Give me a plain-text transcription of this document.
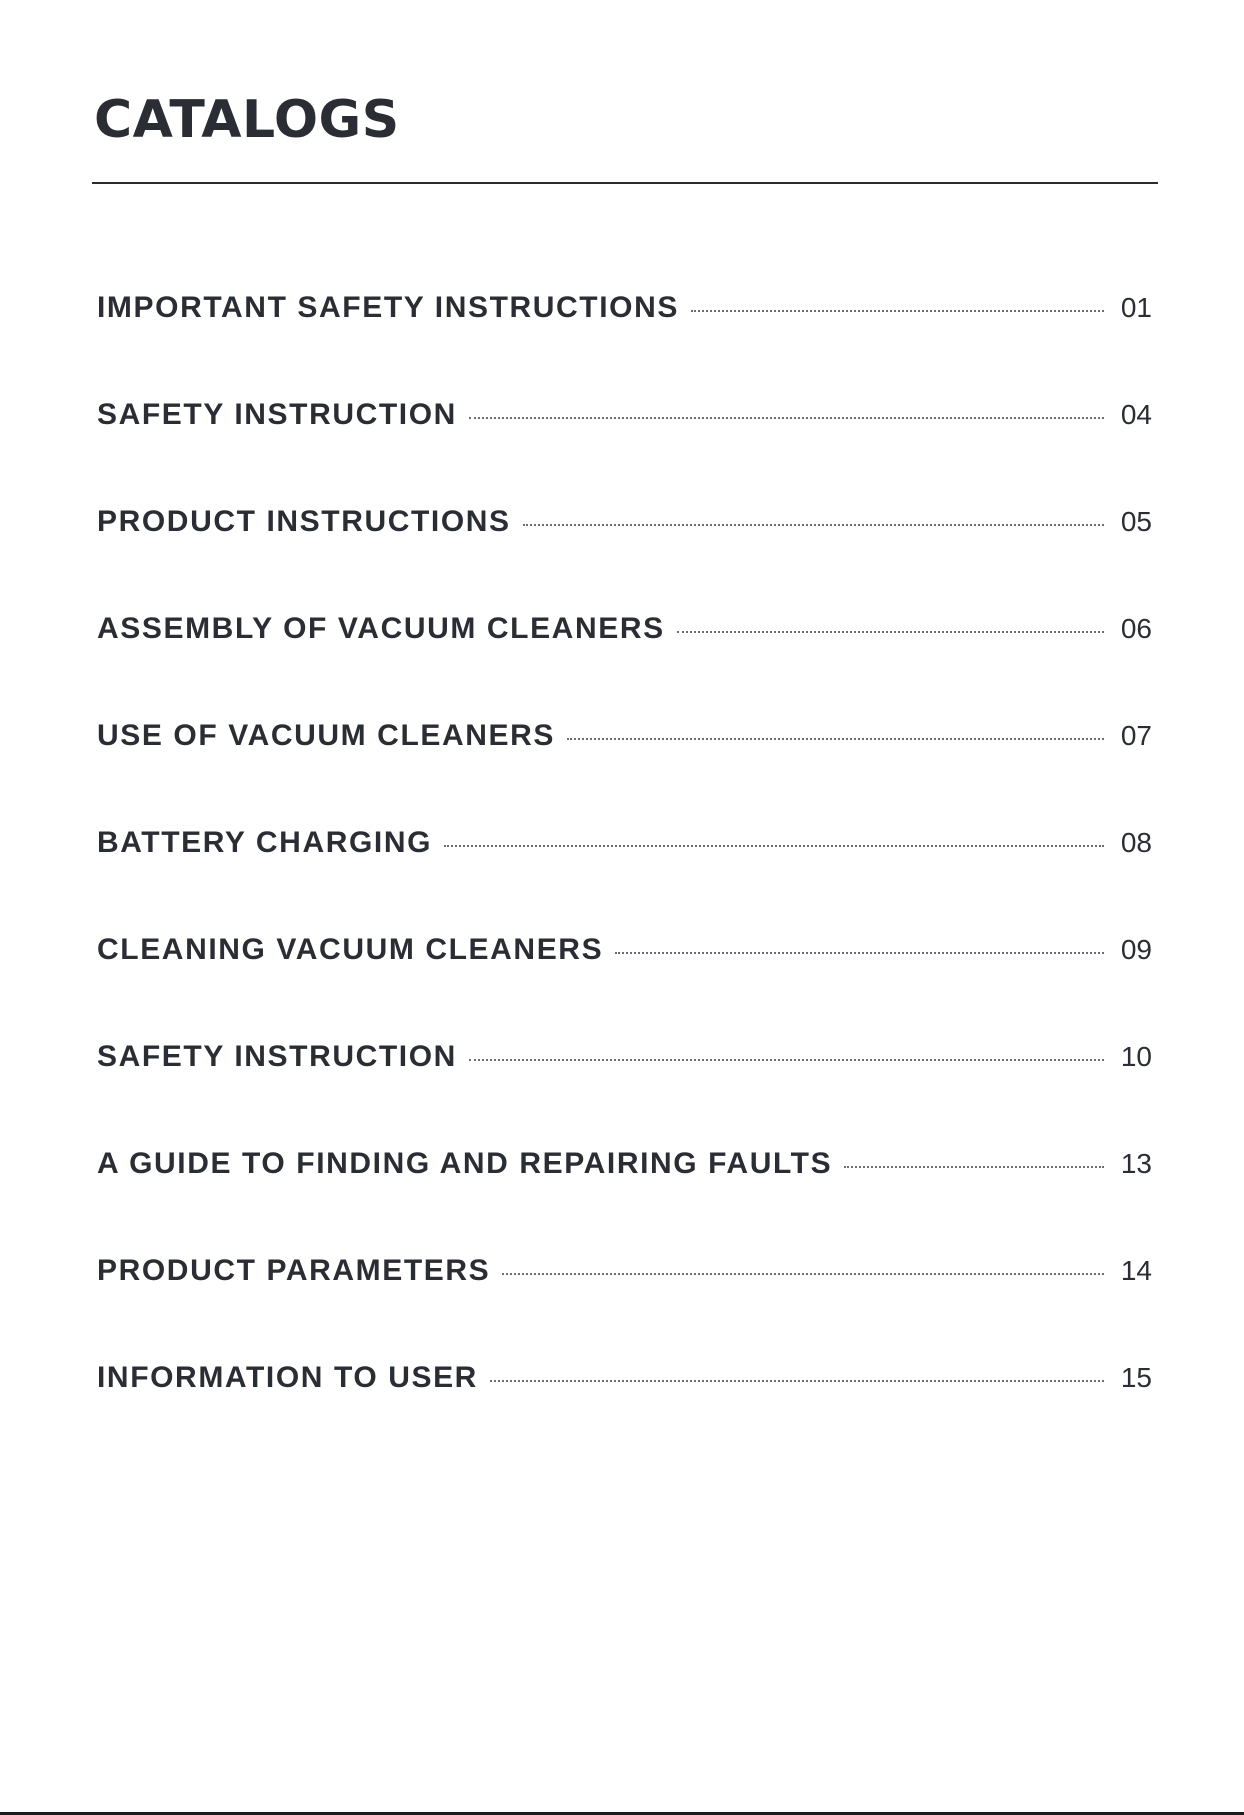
CATALOGS
IMPORTANT SAFETY INSTRUCTIONS	01
SAFETY INSTRUCTION	04
PRODUCT INSTRUCTIONS	05
ASSEMBLY OF VACUUM CLEANERS	06
USE OF VACUUM CLEANERS	07
BATTERY CHARGING	08
CLEANING VACUUM CLEANERS	09
SAFETY INSTRUCTION	10
A GUIDE TO FINDING AND REPAIRING FAULTS	13
PRODUCT PARAMETERS	14
INFORMATION TO USER	15
